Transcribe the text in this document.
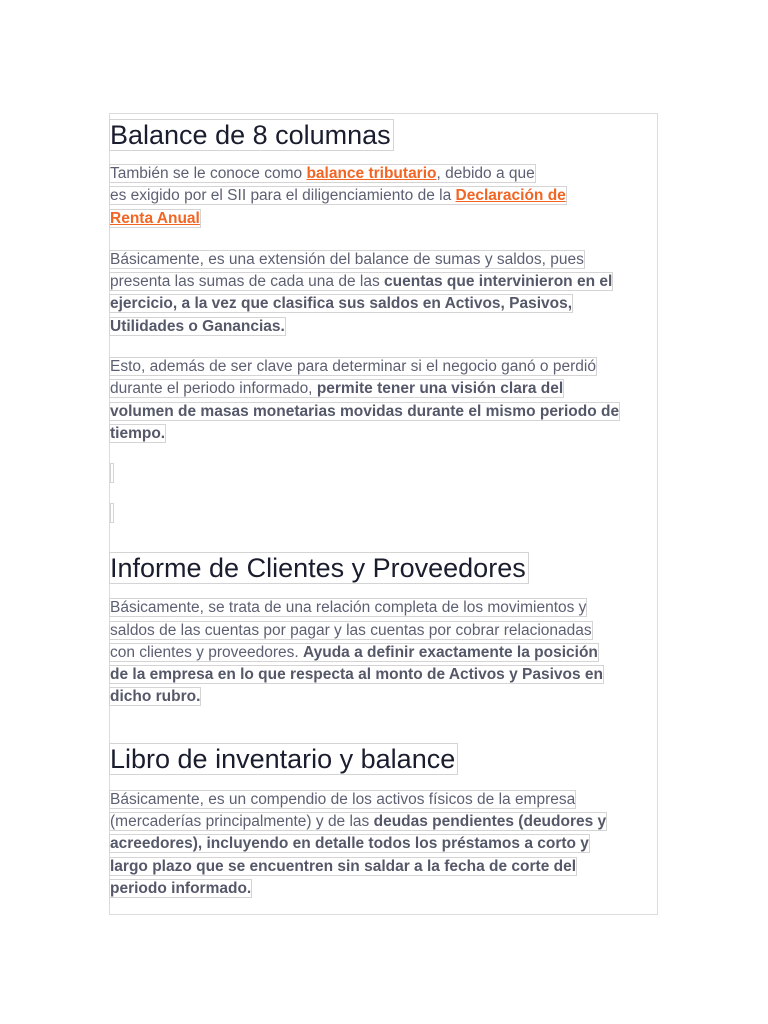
Balance de 8 columnas

También se le conoce como balance tributario, debido a que
es exigido por el SII para el diligenciamiento de la Declaración de
Renta Anual

Básicamente, es una extensión del balance de sumas y saldos, pues
presenta las sumas de cada una de las cuentas que intervinieron en el
ejercicio, a la vez que clasifica sus saldos en Activos, Pasivos,
Utilidades o Ganancias.

Esto, además de ser clave para determinar si el negocio ganó o perdió
durante el periodo informado, permite tener una visión clara del
volumen de masas monetarias movidas durante el mismo periodo de
tiempo.

Informe de Clientes y Proveedores

Básicamente, se trata de una relación completa de los movimientos y
saldos de las cuentas por pagar y las cuentas por cobrar relacionadas
con clientes y proveedores. Ayuda a definir exactamente la posición
de la empresa en lo que respecta al monto de Activos y Pasivos en
dicho rubro.

Libro de inventario y balance

Básicamente, es un compendio de los activos físicos de la empresa
(mercaderías principalmente) y de las deudas pendientes (deudores y
acreedores), incluyendo en detalle todos los préstamos a corto y
largo plazo que se encuentren sin saldar a la fecha de corte del
periodo informado.
